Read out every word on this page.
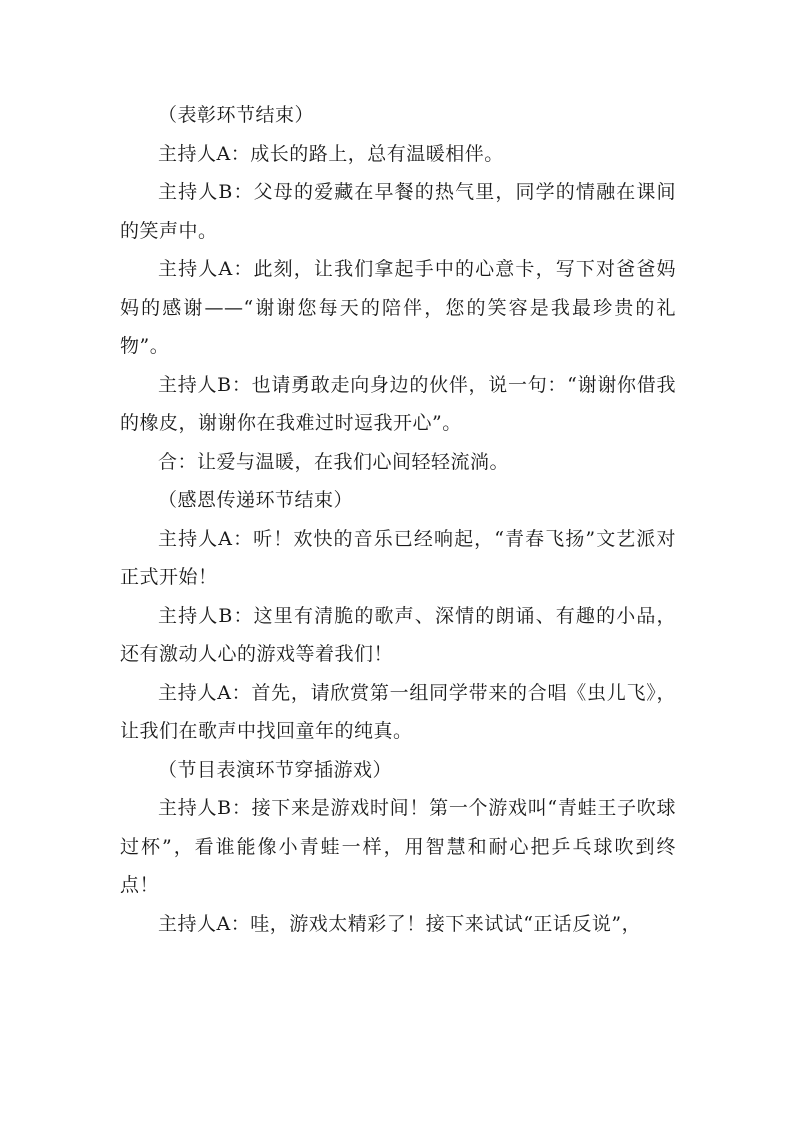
（表彰环节结束）

主持人A：成长的路上，总有温暖相伴。

主持人B：父母的爱藏在早餐的热气里，同学的情融在课间的笑声中。

主持人A：此刻，让我们拿起手中的心意卡，写下对爸爸妈妈的感谢——“谢谢您每天的陪伴，您的笑容是我最珍贵的礼物”。

主持人B：也请勇敢走向身边的伙伴，说一句：“谢谢你借我的橡皮，谢谢你在我难过时逗我开心”。

合：让爱与温暖，在我们心间轻轻流淌。

（感恩传递环节结束）

主持人A：听！欢快的音乐已经响起，“青春飞扬”文艺派对正式开始！

主持人B：这里有清脆的歌声、深情的朗诵、有趣的小品，还有激动人心的游戏等着我们！

主持人A：首先，请欣赏第一组同学带来的合唱《虫儿飞》，让我们在歌声中找回童年的纯真。

（节目表演环节穿插游戏）

主持人B：接下来是游戏时间！第一个游戏叫“青蛙王子吹球过杯”，看谁能像小青蛙一样，用智慧和耐心把乒乓球吹到终点！

主持人A：哇，游戏太精彩了！接下来试试“正话反说”，
